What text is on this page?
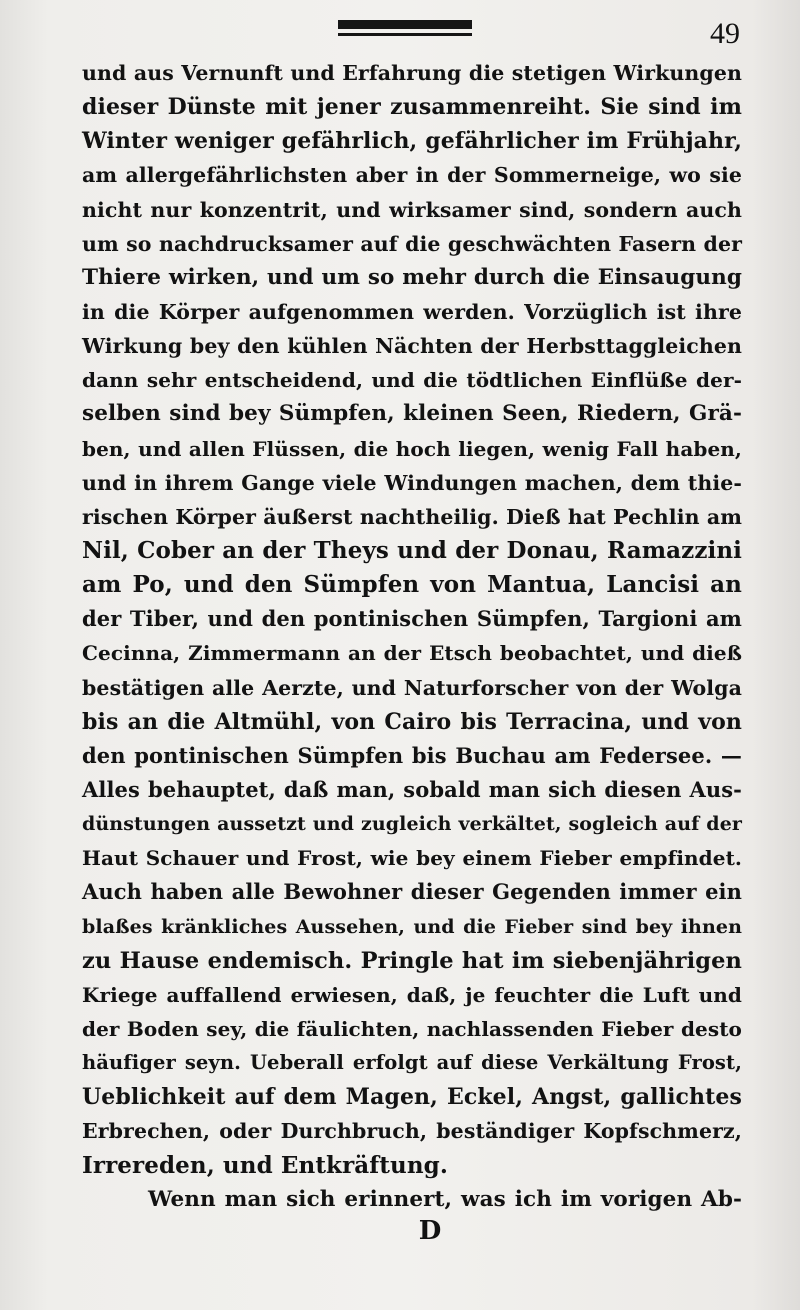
49
und aus Vernunft und Erfahrung die stetigen Wirkungen
dieser Dünste mit jener zusammenreiht. Sie sind im
Winter weniger gefährlich, gefährlicher im Frühjahr,
am allergefährlichsten aber in der Sommerneige, wo sie
nicht nur konzentrit, und wirksamer sind, sondern auch
um so nachdrucksamer auf die geschwächten Fasern der
Thiere wirken, und um so mehr durch die Einsaugung
in die Körper aufgenommen werden. Vorzüglich ist ihre
Wirkung bey den kühlen Nächten der Herbsttaggleichen
dann sehr entscheidend, und die tödtlichen Einflüße der-
selben sind bey Sümpfen, kleinen Seen, Riedern, Grä-
ben, und allen Flüssen, die hoch liegen, wenig Fall haben,
und in ihrem Gange viele Windungen machen, dem thie-
rischen Körper äußerst nachtheilig. Dieß hat Pechlin am
Nil, Cober an der Theys und der Donau, Ramazzini
am Po, und den Sümpfen von Mantua, Lancisi an
der Tiber, und den pontinischen Sümpfen, Targioni am
Cecinna, Zimmermann an der Etsch beobachtet, und dieß
bestätigen alle Aerzte, und Naturforscher von der Wolga
bis an die Altmühl, von Cairo bis Terracina, und von
den pontinischen Sümpfen bis Buchau am Federsee. —
Alles behauptet, daß man, sobald man sich diesen Aus-
dünstungen aussetzt und zugleich verkältet, sogleich auf der
Haut Schauer und Frost, wie bey einem Fieber empfindet.
Auch haben alle Bewohner dieser Gegenden immer ein
blaßes kränkliches Aussehen, und die Fieber sind bey ihnen
zu Hause endemisch. Pringle hat im siebenjährigen
Kriege auffallend erwiesen, daß, je feuchter die Luft und
der Boden sey, die fäulichten, nachlassenden Fieber desto
häufiger seyn. Ueberall erfolgt auf diese Verkältung Frost,
Ueblichkeit auf dem Magen, Eckel, Angst, gallichtes
Erbrechen, oder Durchbruch, beständiger Kopfschmerz,
Irrereden, und Entkräftung.
Wenn man sich erinnert, was ich im vorigen Ab-
D
